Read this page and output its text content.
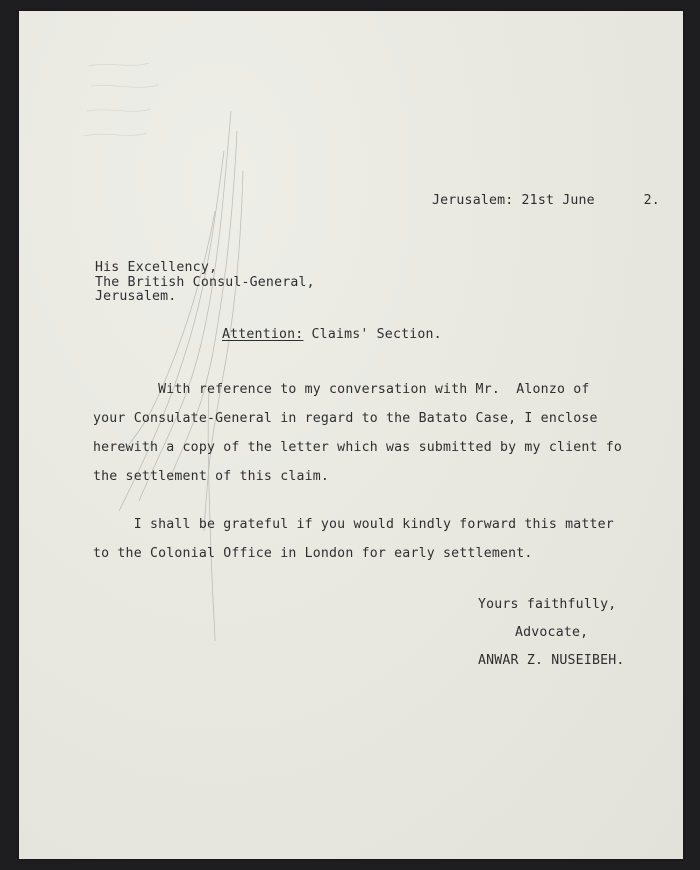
Jerusalem: 21st June      2.
His Excellency,
The British Consul-General,
Jerusalem.
Attention: Claims' Section.
With reference to my conversation with Mr.  Alonzo of
your Consulate-General in regard to the Batato Case, I enclose
herewith a copy of the letter which was submitted by my client fo
the settlement of this claim.
I shall be grateful if you would kindly forward this matter
to the Colonial Office in London for early settlement.
Yours faithfully,
Advocate,
ANWAR Z. NUSEIBEH.
